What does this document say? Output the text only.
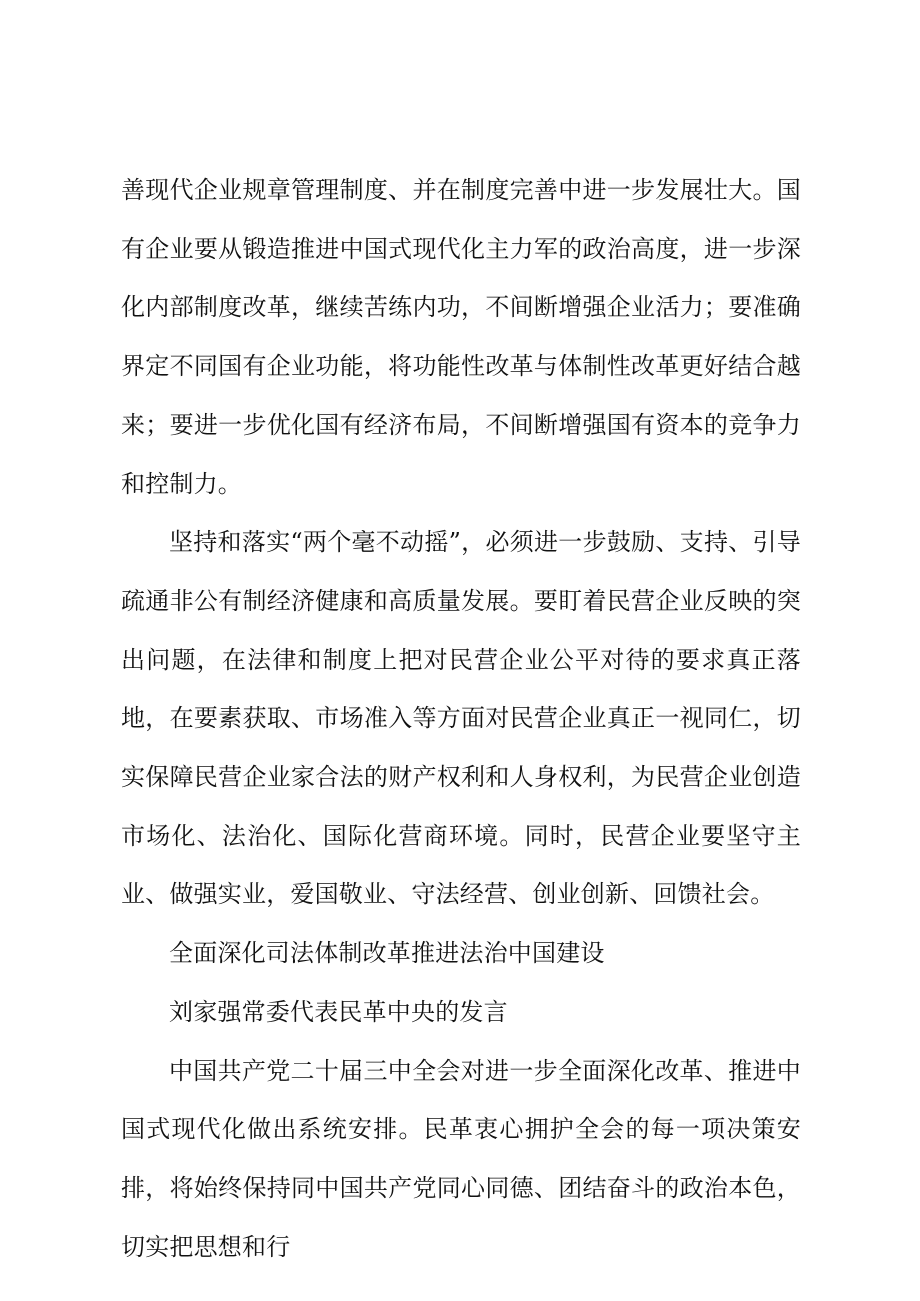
善现代企业规章管理制度、并在制度完善中进一步发展壮大。国有企业要从锻造推进中国式现代化主力军的政治高度，进一步深化内部制度改革，继续苦练内功，不间断增强企业活力；要准确界定不同国有企业功能，将功能性改革与体制性改革更好结合越来；要进一步优化国有经济布局，不间断增强国有资本的竞争力和控制力。

坚持和落实“两个毫不动摇”，必须进一步鼓励、支持、引导疏通非公有制经济健康和高质量发展。要盯着民营企业反映的突出问题，在法律和制度上把对民营企业公平对待的要求真正落地，在要素获取、市场准入等方面对民营企业真正一视同仁，切实保障民营企业家合法的财产权利和人身权利，为民营企业创造市场化、法治化、国际化营商环境。同时，民营企业要坚守主业、做强实业，爱国敬业、守法经营、创业创新、回馈社会。

全面深化司法体制改革推进法治中国建设

刘家强常委代表民革中央的发言

中国共产党二十届三中全会对进一步全面深化改革、推进中国式现代化做出系统安排。民革衷心拥护全会的每一项决策安排，将始终保持同中国共产党同心同德、团结奋斗的政治本色，切实把思想和行
